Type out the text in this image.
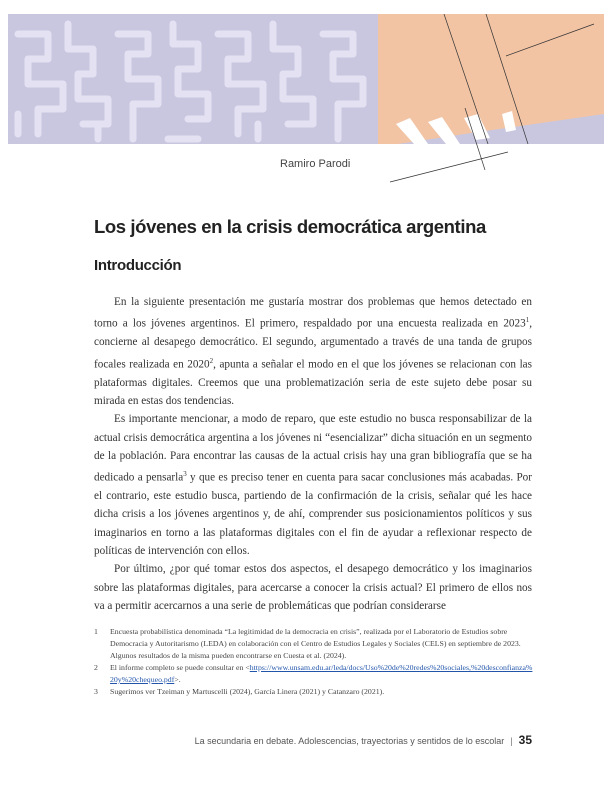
Ramiro Parodi
Los jóvenes en la crisis democrática argentina
Introducción

En la siguiente presentación me gustaría mostrar dos problemas que hemos detectado en torno a los jóvenes argentinos. El primero, respaldado por una encuesta realizada en 2023$^1$, concierne al desapego democrático. El segundo, argumentado a través de una tanda de grupos focales realizada en 2020$^2$, apunta a señalar el modo en el que los jóvenes se relacionan con las plataformas digitales. Creemos que una problematización seria de este sujeto debe posar su mirada en estas dos tendencias.

Es importante mencionar, a modo de reparo, que este estudio no busca responsabilizar de la actual crisis democrática argentina a los jóvenes ni “esencializar” dicha situación en un segmento de la población. Para encontrar las causas de la actual crisis hay una gran bibliografía que se ha dedicado a pensarla$^3$ y que es preciso tener en cuenta para sacar conclusiones más acabadas. Por el contrario, este estudio busca, partiendo de la confirmación de la crisis, señalar qué les hace dicha crisis a los jóvenes argentinos y, de ahí, comprender sus posicionamientos políticos y sus imaginarios en torno a las plataformas digitales con el fin de ayudar a reflexionar respecto de políticas de intervención con ellos.

Por último, ¿por qué tomar estos dos aspectos, el desapego democrático y los imaginarios sobre las plataformas digitales, para acercarse a conocer la crisis actual? El primero de ellos nos va a permitir acercarnos a una serie de problemáticas que podrían considerarse

1 Encuesta probabilística denominada “La legitimidad de la democracia en crisis”, realizada por el Laboratorio de Estudios sobre Democracia y Autoritarismo (LEDA) en colaboración con el Centro de Estudios Legales y Sociales (CELS) en septiembre de 2023. Algunos resultados de la misma pueden encontrarse en Cuesta et al. (2024).
2 El informe completo se puede consultar en <https://www.unsam.edu.ar/leda/docs/Uso%20de%20redes%20sociales,%20desconfianza%20y%20chequeo.pdf>.
3 Sugerimos ver Tzeiman y Martuscelli (2024), García Linera (2021) y Catanzaro (2021).
La secundaria en debate. Adolescencias, trayectorias y sentidos de lo escolar | 35
